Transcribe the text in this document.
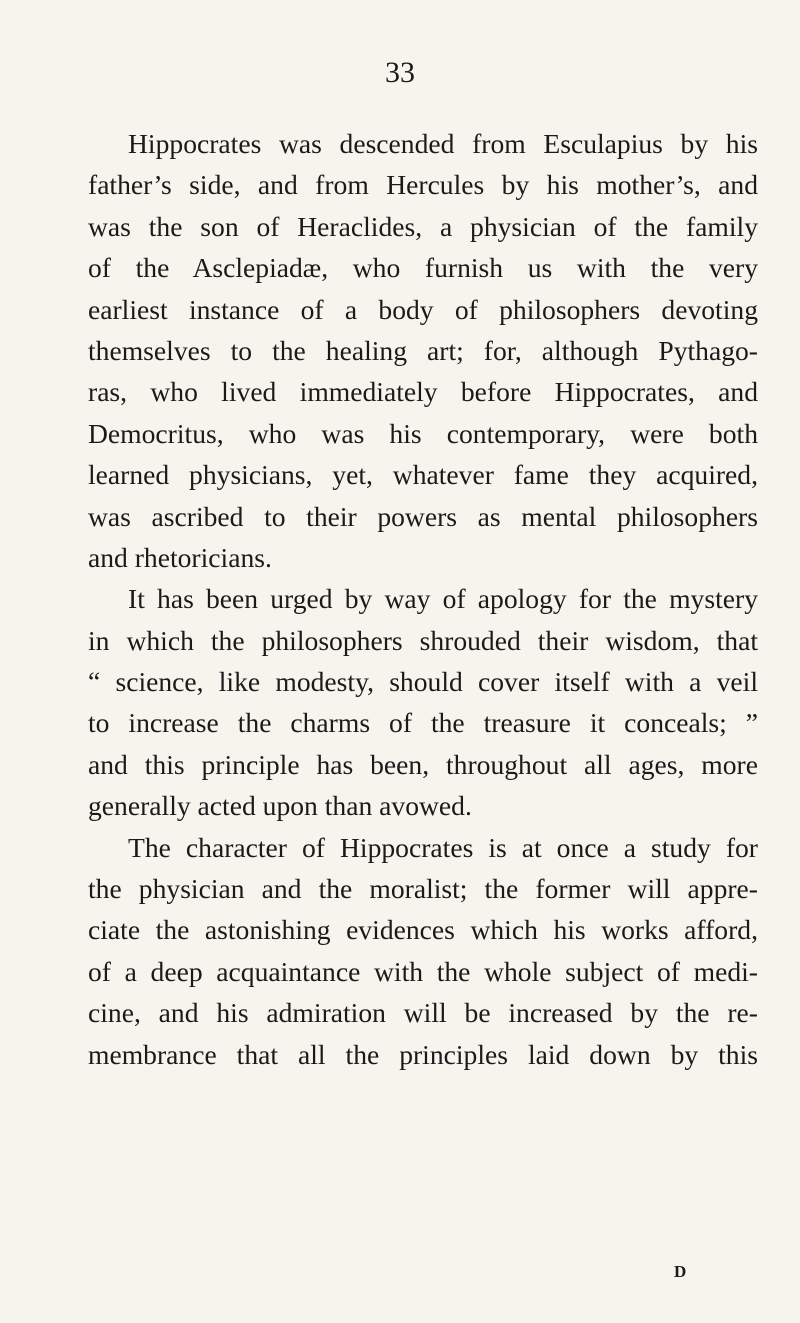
33
Hippocrates was descended from Esculapius by his
father’s side, and from Hercules by his mother’s, and
was the son of Heraclides, a physician of the family
of the Asclepiadæ, who furnish us with the very
earliest instance of a body of philosophers devoting
themselves to the healing art; for, although Pythago-
ras, who lived immediately before Hippocrates, and
Democritus, who was his contemporary, were both
learned physicians, yet, whatever fame they acquired,
was ascribed to their powers as mental philosophers
and rhetoricians.
It has been urged by way of apology for the mystery
in which the philosophers shrouded their wisdom, that
“ science, like modesty, should cover itself with a veil
to increase the charms of the treasure it conceals; ”
and this principle has been, throughout all ages, more
generally acted upon than avowed.
The character of Hippocrates is at once a study for
the physician and the moralist; the former will appre-
ciate the astonishing evidences which his works afford,
of a deep acquaintance with the whole subject of medi-
cine, and his admiration will be increased by the re-
membrance that all the principles laid down by this
D
